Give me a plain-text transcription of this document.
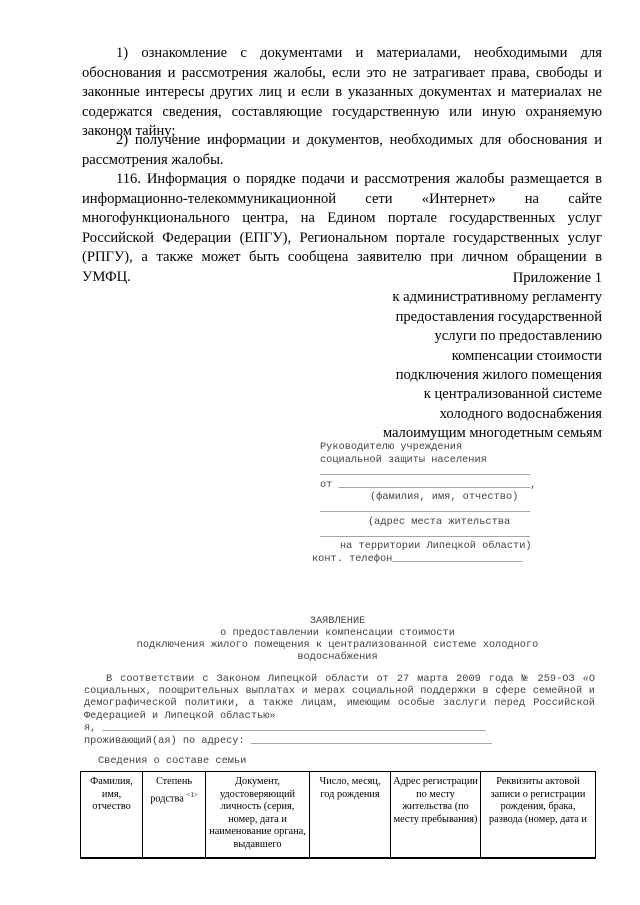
1) ознакомление с документами и материалами, необходимыми для обоснования и рассмотрения жалобы, если это не затрагивает права, свободы и законные интересы других лиц и если в указанных документах и материалах не содержатся сведения, составляющие государственную или иную охраняемую законом тайну;

2) получение информации и документов, необходимых для обоснования и рассмотрения жалобы.

116. Информация о порядке подачи и рассмотрения жалобы размещается в информационно-телекоммуникационной сети «Интернет» на сайте многофункционального центра, на Едином портале государственных услуг Российской Федерации (ЕПГУ), Региональном портале государственных услуг (РПГУ), а также может быть сообщена заявителю при личном обращении в УМФЦ.	Приложение 1
к административному регламенту
предоставления государственной
услуги по предоставлению
компенсации стоимости
подключения жилого помещения
к централизованной системе
холодного водоснабжения
малоимущим многодетным семьям
Руководителю учреждения
социальной защиты населения
__________________________________
от _______________________________,
(фамилия, имя, отчество)
__________________________________
(адрес места жительства
__________________________________
на территории Липецкой области)
конт. телефон_____________________
ЗАЯВЛЕНИЕ
о предоставлении компенсации стоимости
подключения жилого помещения к централизованной системе холодного
водоснабжения

В соответствии с Законом Липецкой области от 27 марта 2009 года № 259-ОЗ «О социальных, поощрительных выплатах и мерах социальной поддержки в сфере семейной и демографической политики, а также лицам, имеющим особые заслуги перед Российской Федерацией и Липецкой областью»

я, ______________________________________________________________
проживающий(ая) по адресу: _______________________________________
Сведения о составе семьи
Фамилия, имя, отчество	Степень родства $^{<1>}$	Документ, удостоверяющий личность (серия, номер, дата и наименование органа, выдавшего	Число, месяц, год рождения	Адрес регистрации по месту жительства (по месту пребывания)	Реквизиты актовой записи о регистрации рождения, брака, развода (номер, дата и
